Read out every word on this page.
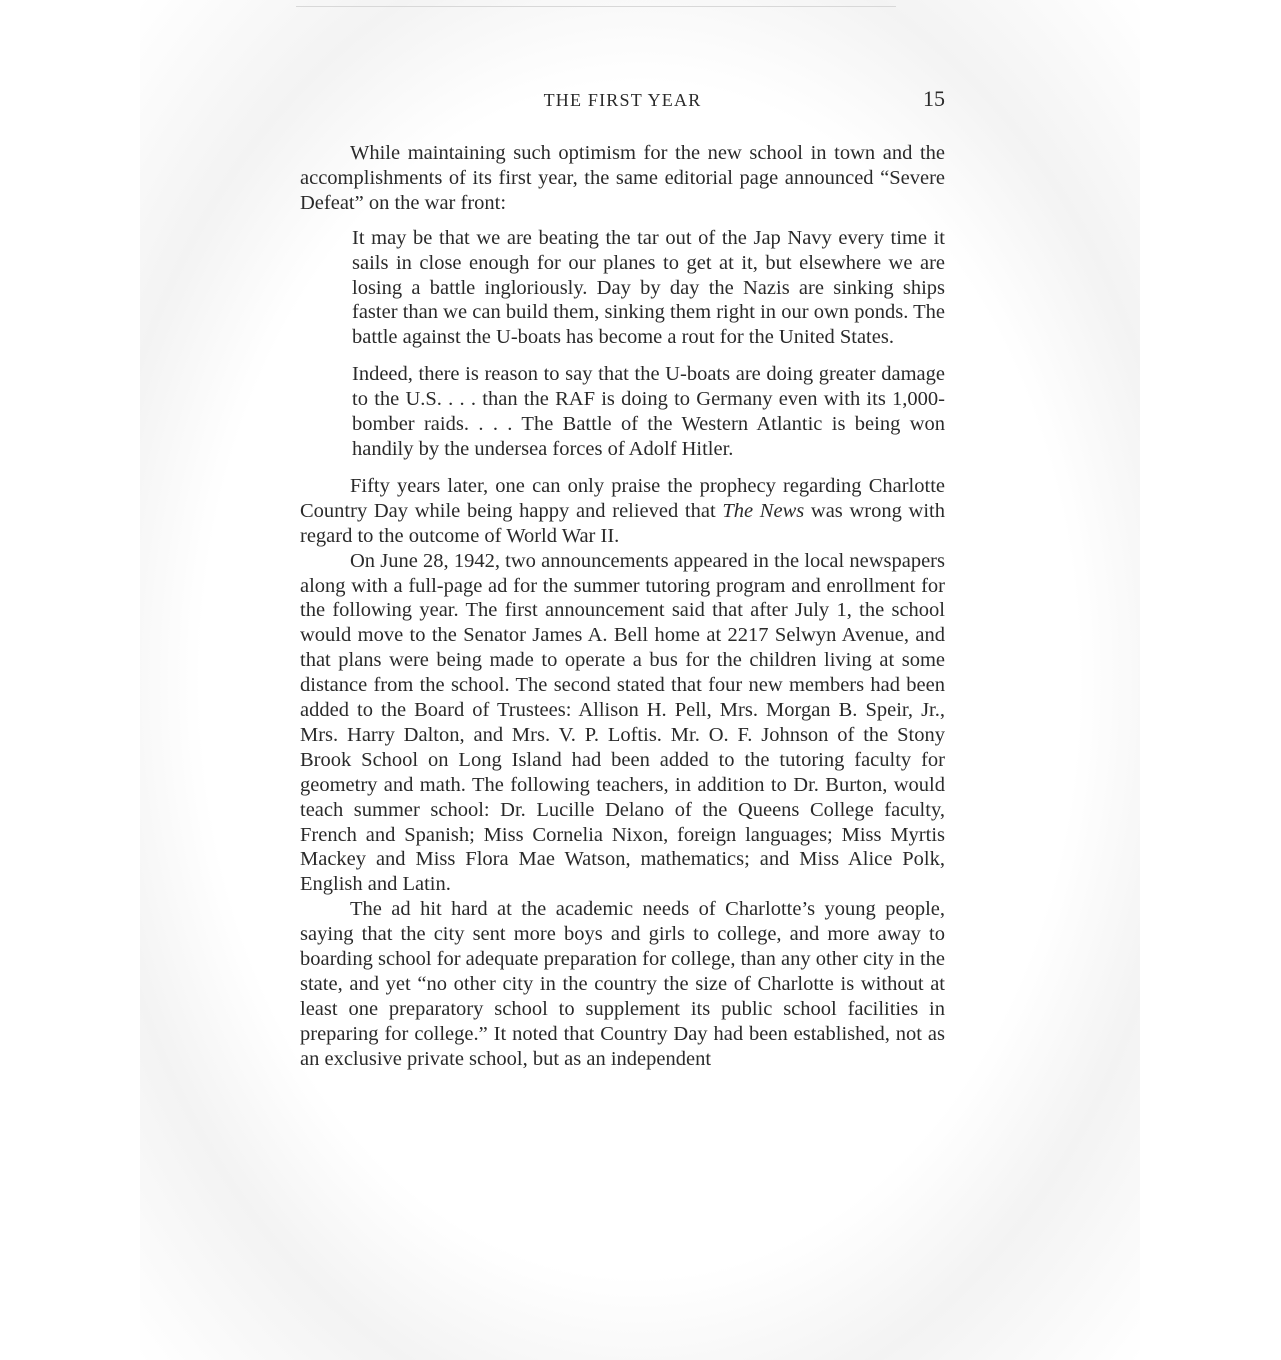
THE FIRST YEAR	15

While maintaining such optimism for the new school in town and the accomplishments of its first year, the same editorial page announced “Severe Defeat” on the war front:

It may be that we are beating the tar out of the Jap Navy every time it sails in close enough for our planes to get at it, but elsewhere we are losing a battle ingloriously. Day by day the Nazis are sinking ships faster than we can build them, sinking them right in our own ponds. The battle against the U-boats has become a rout for the United States.

Indeed, there is reason to say that the U-boats are doing greater damage to the U.S. . . . than the RAF is doing to Germany even with its 1,000-bomber raids. . . . The Battle of the Western Atlantic is being won handily by the undersea forces of Adolf Hitler.

Fifty years later, one can only praise the prophecy regarding Charlotte Country Day while being happy and relieved that The News was wrong with regard to the outcome of World War II.

On June 28, 1942, two announcements appeared in the local newspapers along with a full-page ad for the summer tutoring program and enrollment for the following year. The first announcement said that after July 1, the school would move to the Senator James A. Bell home at 2217 Selwyn Avenue, and that plans were being made to operate a bus for the children living at some distance from the school. The second stated that four new members had been added to the Board of Trustees: Allison H. Pell, Mrs. Morgan B. Speir, Jr., Mrs. Harry Dalton, and Mrs. V. P. Loftis. Mr. O. F. Johnson of the Stony Brook School on Long Island had been added to the tutoring faculty for geometry and math. The following teachers, in addition to Dr. Burton, would teach summer school: Dr. Lucille Delano of the Queens College faculty, French and Spanish; Miss Cornelia Nixon, foreign languages; Miss Myrtis Mackey and Miss Flora Mae Watson, mathematics; and Miss Alice Polk, English and Latin.

The ad hit hard at the academic needs of Charlotte’s young people, saying that the city sent more boys and girls to college, and more away to boarding school for adequate preparation for college, than any other city in the state, and yet “no other city in the country the size of Charlotte is without at least one preparatory school to supplement its public school facilities in preparing for college.” It noted that Country Day had been established, not as an exclusive private school, but as an independent
